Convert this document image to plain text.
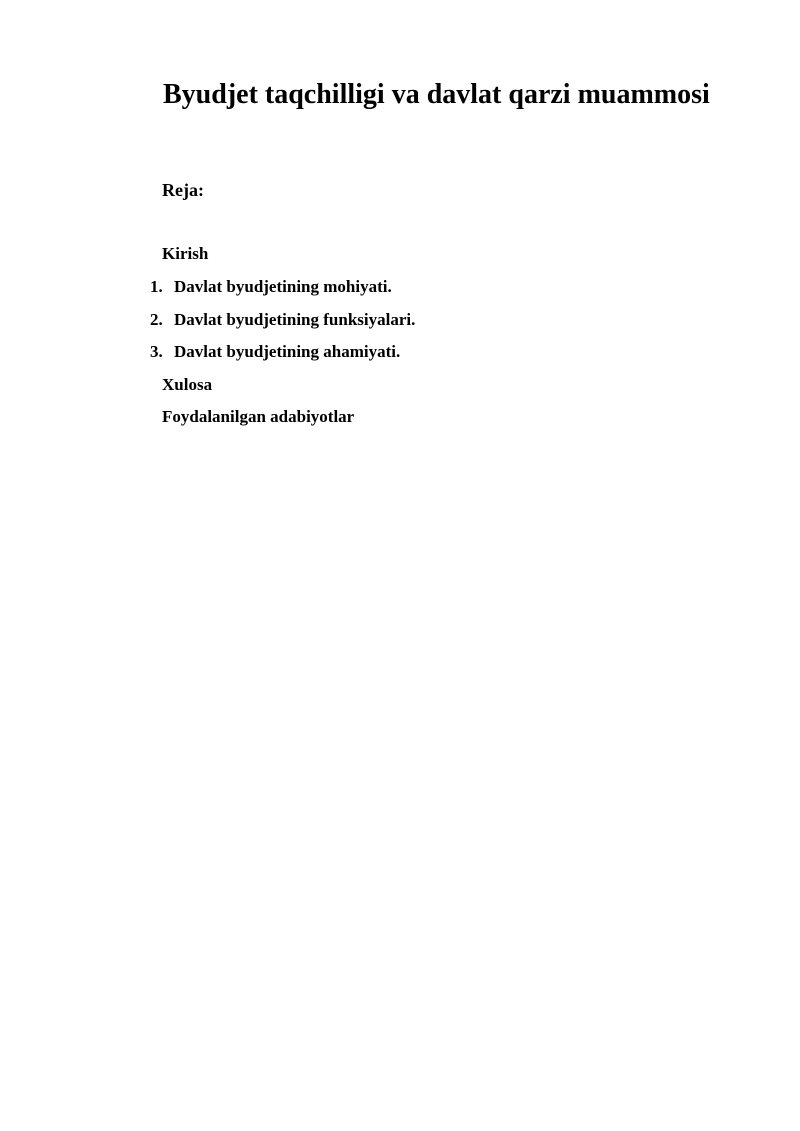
Byudjet taqchilligi va davlat qarzi muammosi

Reja:

Kirish
1. Davlat byudjetining mohiyati.
2. Davlat byudjetining funksiyalari.
3. Davlat byudjetining ahamiyati.
Xulosa
Foydalanilgan adabiyotlar
